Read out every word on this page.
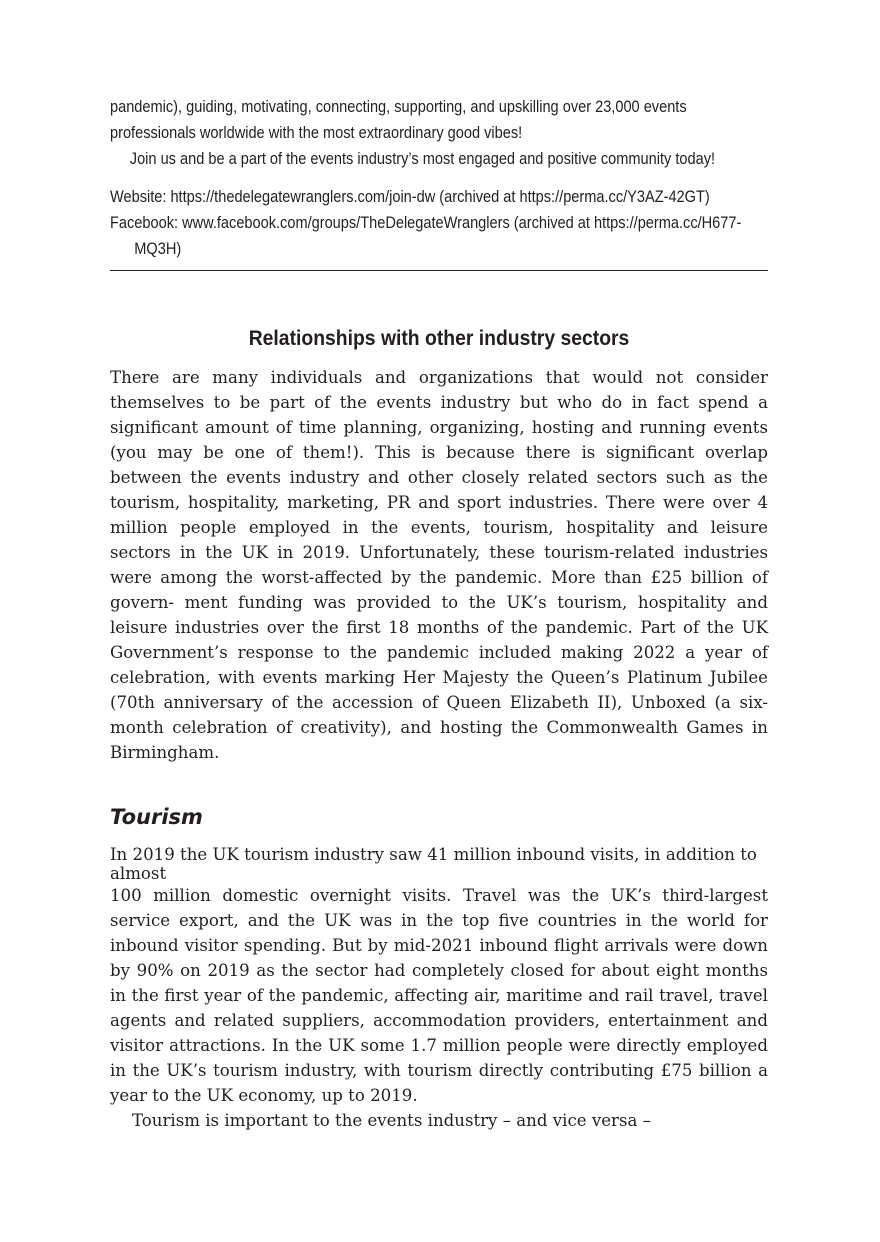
pandemic), guiding, motivating, connecting, supporting, and upskilling over 23,000 events professionals worldwide with the most extraordinary good vibes!

Join us and be a part of the events industry’s most engaged and positive community today!

Website: https://thedelegatewranglers.com/join-dw (archived at https://perma.cc/Y3AZ-42GT)

Facebook: www.facebook.com/groups/TheDelegateWranglers (archived at https://perma.cc/H677-MQ3H)

Relationships with other industry sectors

There are many individuals and organizations that would not consider themselves to be part of the events industry but who do in fact spend a significant amount of time planning, organizing, hosting and running events (you may be one of them!). This is because there is significant overlap between the events industry and other closely related sectors such as the tourism, hospitality, marketing, PR and sport industries. There were over 4 million people employed in the events, tourism, hospitality and leisure sectors in the UK in 2019. Unfortunately, these tourism-related industries were among the worst-affected by the pandemic. More than £25 billion of govern- ment funding was provided to the UK’s tourism, hospitality and leisure industries over the first 18 months of the pandemic. Part of the UK Government’s response to the pandemic included making 2022 a year of celebration, with events marking Her Majesty the Queen’s Platinum Jubilee (70th anniversary of the accession of Queen Elizabeth II), Unboxed (a six-month celebration of creativity), and hosting the Commonwealth Games in Birmingham.

Tourism

In 2019 the UK tourism industry saw 41 million inbound visits, in addition to almost

100 million domestic overnight visits. Travel was the UK’s third-largest service export, and the UK was in the top five countries in the world for inbound visitor spending. But by mid-2021 inbound flight arrivals were down by 90% on 2019 as the sector had completely closed for about eight months in the first year of the pandemic, affecting air, maritime and rail travel, travel agents and related suppliers, accommodation providers, entertainment and visitor attractions. In the UK some 1.7 million people were directly employed in the UK’s tourism industry, with tourism directly contributing £75 billion a year to the UK economy, up to 2019.

Tourism is important to the events industry – and vice versa –
